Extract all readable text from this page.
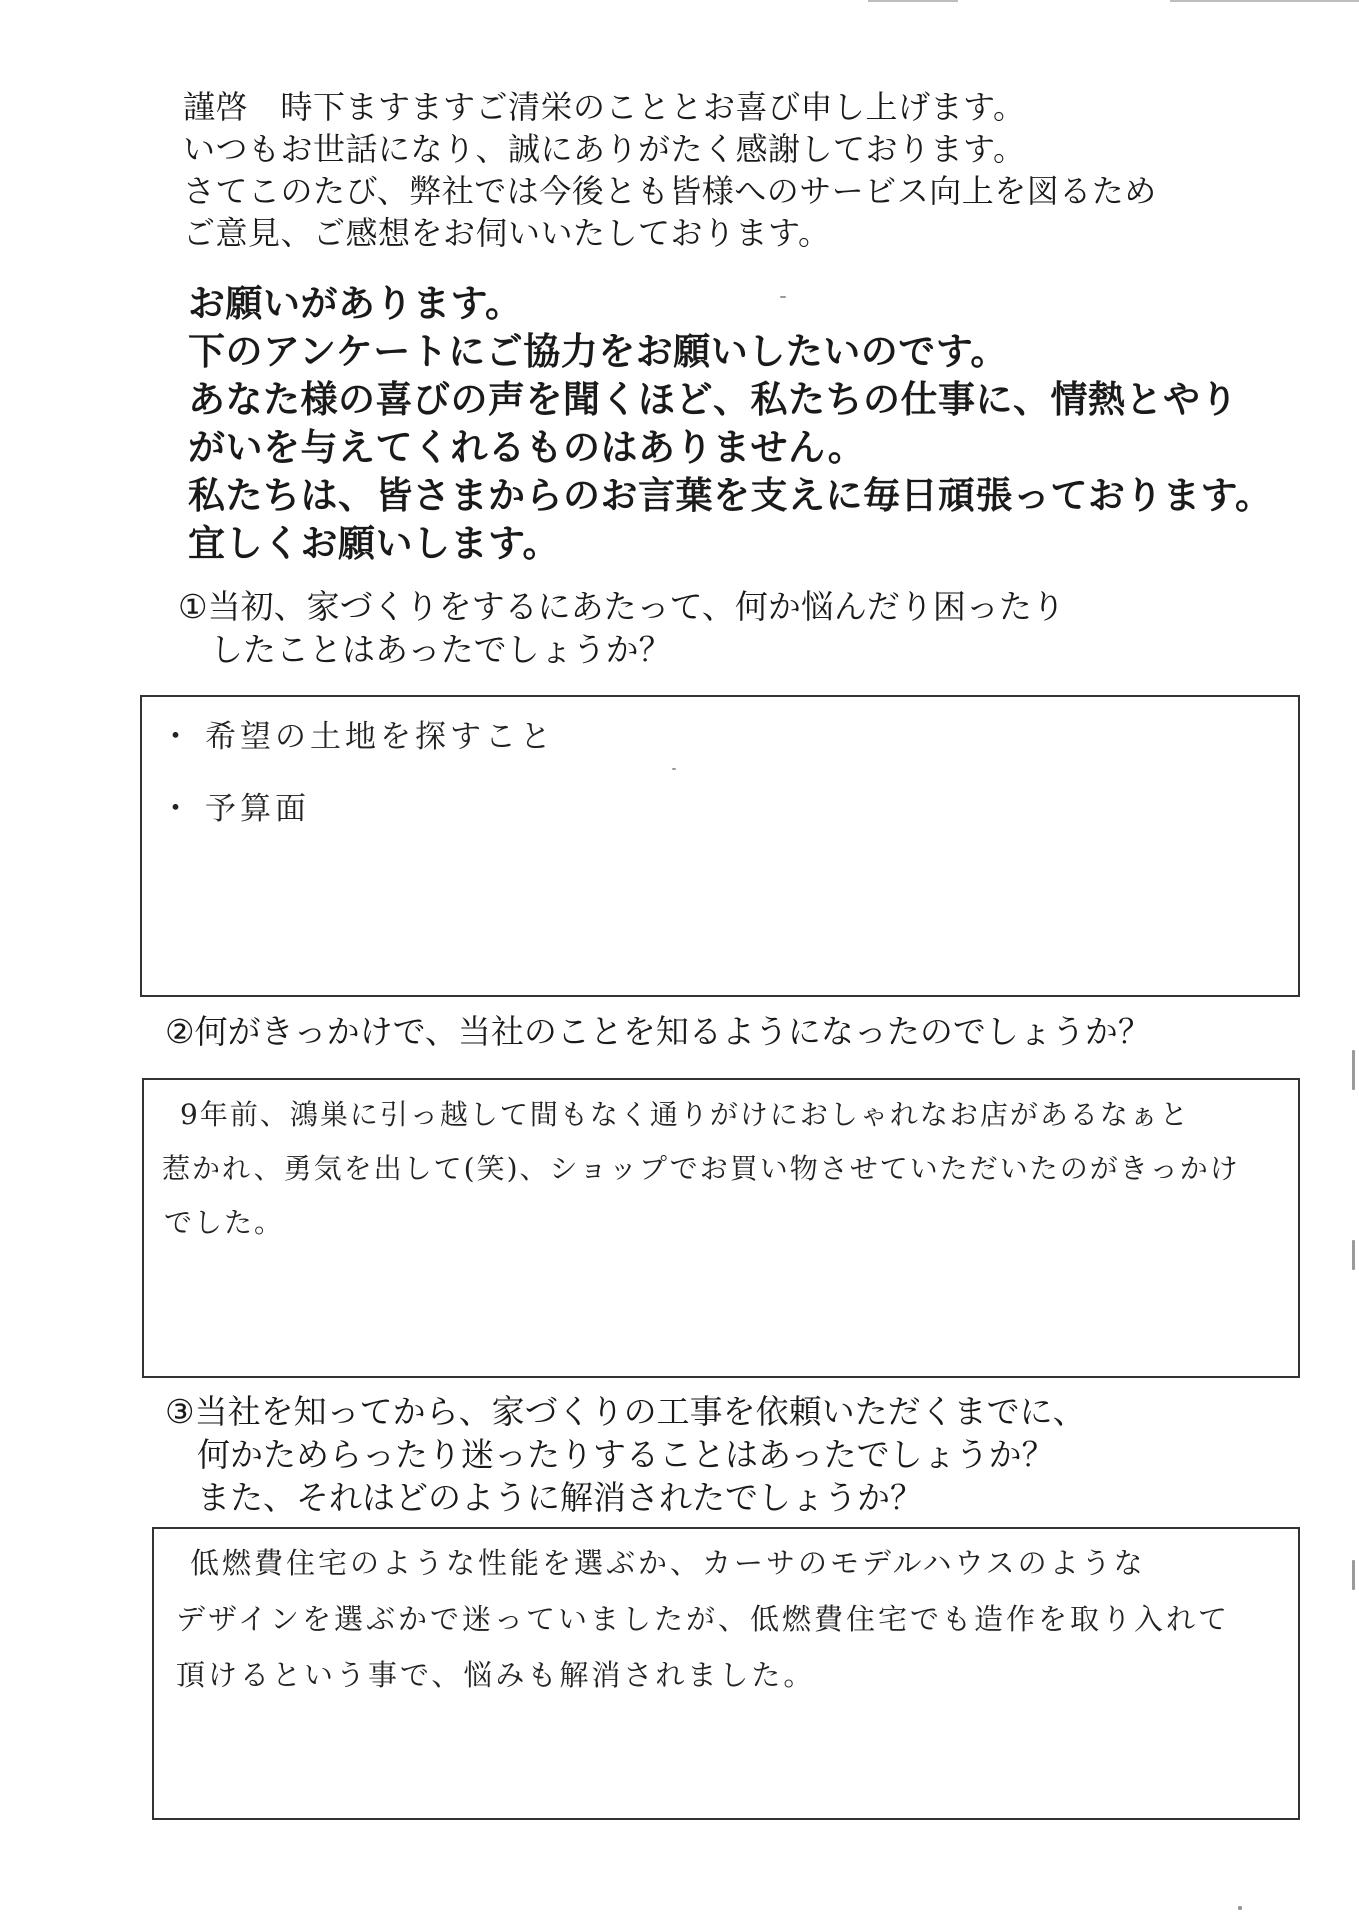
謹啓　時下ますますご清栄のこととお喜び申し上げます。
いつもお世話になり、誠にありがたく感謝しております。
さてこのたび、弊社では今後とも皆様へのサービス向上を図るため
ご意見、ご感想をお伺いいたしております。
お願いがあります。
下のアンケートにご協力をお願いしたいのです。
あなた様の喜びの声を聞くほど、私たちの仕事に、情熱とやり
がいを与えてくれるものはありません。
私たちは、皆さまからのお言葉を支えに毎日頑張っております。
宜しくお願いします。
①当初、家づくりをするにあたって、何か悩んだり困ったり
したことはあったでしょうか？
・ 希望の土地を探すこと
・ 予算面
②何がきっかけで、当社のことを知るようになったのでしょうか？
9年前、鴻巣に引っ越して間もなく通りがけにおしゃれなお店があるなぁと
惹かれ、勇気を出して(笑)、ショップでお買い物させていただいたのがきっかけ
でした。
③当社を知ってから、家づくりの工事を依頼いただくまでに、
何かためらったり迷ったりすることはあったでしょうか？
また、それはどのように解消されたでしょうか？
低燃費住宅のような性能を選ぶか、カーサのモデルハウスのような
デザインを選ぶかで迷っていましたが、低燃費住宅でも造作を取り入れて
頂けるという事で、悩みも解消されました。
